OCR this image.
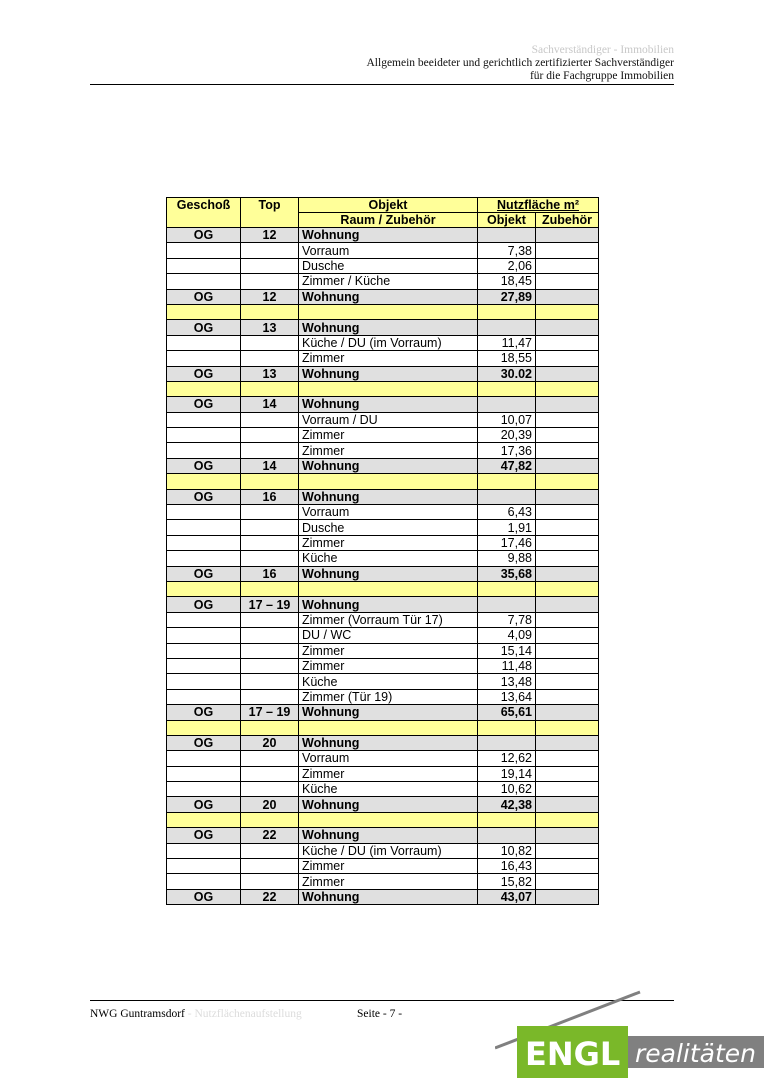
Sachverständiger - Immobilien
Allgemein beeideter und gerichtlich zertifizierter Sachverständiger
für die Fachgruppe Immobilien
Geschoß	Top	Objekt	Nutzfläche m²	
		Raum / Zubehör	Objekt	Zubehör
OG	12	Wohnung		
		Vorraum	7,38	
		Dusche	2,06	
		Zimmer / Küche	18,45	
OG	12	Wohnung	27,89	

OG	13	Wohnung		
		Küche / DU (im Vorraum)	11,47	
		Zimmer	18,55	
OG	13	Wohnung	30.02	

OG	14	Wohnung		
		Vorraum / DU	10,07	
		Zimmer	20,39	
		Zimmer	17,36	
OG	14	Wohnung	47,82	

OG	16	Wohnung		
		Vorraum	6,43	
		Dusche	1,91	
		Zimmer	17,46	
		Küche	9,88	
OG	16	Wohnung	35,68	

OG	17 – 19	Wohnung		
		Zimmer (Vorraum Tür 17)	7,78	
		DU / WC	4,09	
		Zimmer	15,14	
		Zimmer	11,48	
		Küche	13,48	
		Zimmer (Tür 19)	13,64	
OG	17 – 19	Wohnung	65,61	

OG	20	Wohnung		
		Vorraum	12,62	
		Zimmer	19,14	
		Küche	10,62	
OG	20	Wohnung	42,38	

OG	22	Wohnung		
		Küche / DU (im Vorraum)	10,82	
		Zimmer	16,43	
		Zimmer	15,82	
OG	22	Wohnung	43,07	
NWG Guntramsdorf - Nutzflächenaufstellung	Seite - 7 -
ENGL realitäten
